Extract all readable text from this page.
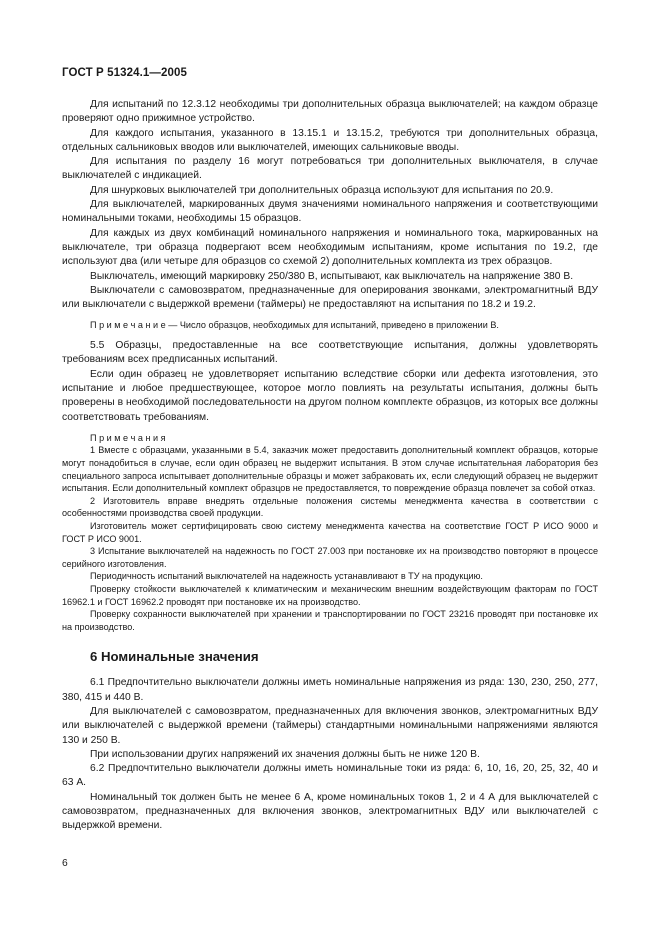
ГОСТ Р 51324.1—2005

Для испытаний по 12.3.12 необходимы три дополнительных образца выключателей; на каждом образце проверяют одно прижимное устройство.

Для каждого испытания, указанного в 13.15.1 и 13.15.2, требуются три дополнительных образца, отдельных сальниковых вводов или выключателей, имеющих сальниковые вводы.

Для испытания по разделу 16 могут потребоваться три дополнительных выключателя, в случае выключателей с индикацией.

Для шнурковых выключателей три дополнительных образца используют для испытания по 20.9.

Для выключателей, маркированных двумя значениями номинального напряжения и соответствующими номинальными токами, необходимы 15 образцов.

Для каждых из двух комбинаций номинального напряжения и номинального тока, маркированных на выключателе, три образца подвергают всем необходимым испытаниям, кроме испытания по 19.2, где используют два (или четыре для образцов со схемой 2) дополнительных комплекта из трех образцов.

Выключатель, имеющий маркировку 250/380 В, испытывают, как выключатель на напряжение 380 В.

Выключатели с самовозвратом, предназначенные для оперирования звонками, электромагнитный ВДУ или выключатели с выдержкой времени (таймеры) не предоставляют на испытания по 18.2 и 19.2.

П р и м е ч а н и е — Число образцов, необходимых для испытаний, приведено в приложении В.

5.5 Образцы, предоставленные на все соответствующие испытания, должны удовлетворять требованиям всех предписанных испытаний.

Если один образец не удовлетворяет испытанию вследствие сборки или дефекта изготовления, это испытание и любое предшествующее, которое могло повлиять на результаты испытания, должны быть проверены в необходимой последовательности на другом полном комплекте образцов, из которых все должны соответствовать требованиям.

П р и м е ч а н и я

1 Вместе с образцами, указанными в 5.4, заказчик может предоставить дополнительный комплект образцов, которые могут понадобиться в случае, если один образец не выдержит испытания. В этом случае испытательная лаборатория без специального запроса испытывает дополнительные образцы и может забраковать их, если следующий образец не выдержит испытания. Если дополнительный комплект образцов не предоставляется, то повреждение образца повлечет за собой отказ.

2 Изготовитель вправе внедрять отдельные положения системы менеджмента качества в соответствии с особенностями производства своей продукции.

Изготовитель может сертифицировать свою систему менеджмента качества на соответствие ГОСТ Р ИСО 9000 и ГОСТ Р ИСО 9001.

3 Испытание выключателей на надежность по ГОСТ 27.003 при постановке их на производство повторяют в процессе серийного изготовления.

Периодичность испытаний выключателей на надежность устанавливают в ТУ на продукцию.

Проверку стойкости выключателей к климатическим и механическим внешним воздействующим факторам по ГОСТ 16962.1 и ГОСТ 16962.2 проводят при постановке их на производство.

Проверку сохранности выключателей при хранении и транспортировании по ГОСТ 23216 проводят при постановке их на производство.

6 Номинальные значения

6.1 Предпочтительно выключатели должны иметь номинальные напряжения из ряда: 130, 230, 250, 277, 380, 415 и 440 В.

Для выключателей с самовозвратом, предназначенных для включения звонков, электромагнитных ВДУ или выключателей с выдержкой времени (таймеры) стандартными номинальными напряжениями являются 130 и 250 В.

При использовании других напряжений их значения должны быть не ниже 120 В.

6.2 Предпочтительно выключатели должны иметь номинальные токи из ряда: 6, 10, 16, 20, 25, 32, 40 и 63 А.

Номинальный ток должен быть не менее 6 А, кроме номинальных токов 1, 2 и 4 А для выключателей с самовозвратом, предназначенных для включения звонков, электромагнитных ВДУ или выключателей с выдержкой времени.

6
